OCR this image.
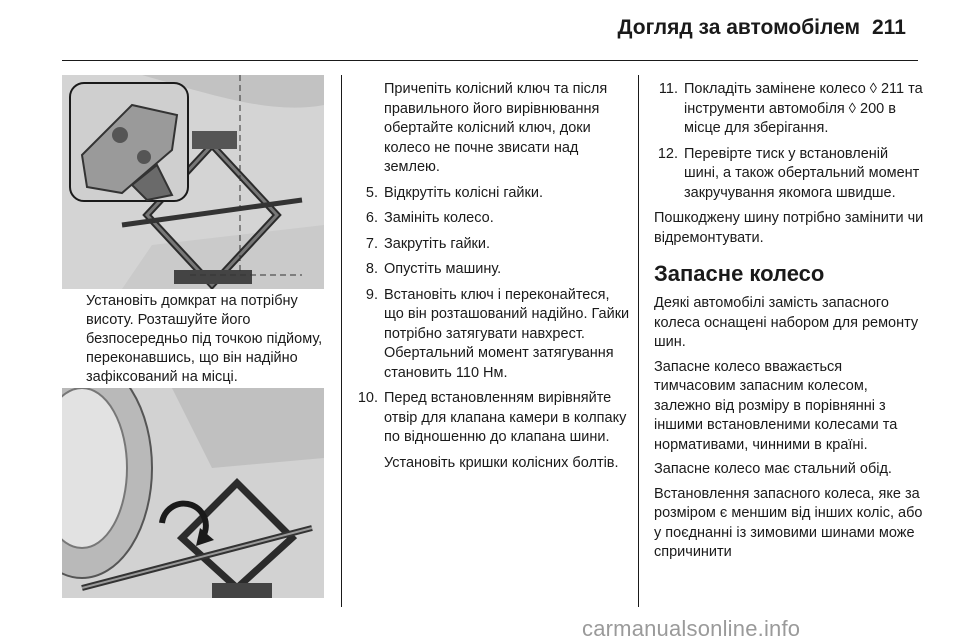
Догляд за автомобілем 211
Установіть домкрат на потрібну висоту. Розташуйте його безпосередньо під точкою підйому, переконавшись, що він надійно зафіксований на місці.
Причепіть колісний ключ та після правильного його вирівнювання обертайте колісний ключ, доки колесо не почне звисати над землею.
5. Відкрутіть колісні гайки.
6. Замініть колесо.
7. Закрутіть гайки.
8. Опустіть машину.
9. Встановіть ключ і переконайтеся, що він розташований надійно. Гайки потрібно затягувати навхрест. Обертальний момент затягування становить 110 Нм.
10. Перед встановленням вирівняйте отвір для клапана камери в колпаку по відношенню до клапана шини.
Установіть кришки колісних болтів.
11. Покладіть замінене колесо ◊ 211 та інструменти автомобіля ◊ 200 в місце для зберігання.
12. Перевірте тиск у встановленій шині, а також обертальний момент закручування якомога швидше.
Пошкоджену шину потрібно замінити чи відремонтувати.
Запасне колесо
Деякі автомобілі замість запасного колеса оснащені набором для ремонту шин.
Запасне колесо вважається тимчасовим запасним колесом, залежно від розміру в порівнянні з іншими встановленими колесами та нормативами, чинними в країні.
Запасне колесо має стальний обід.
Встановлення запасного колеса, яке за розміром є меншим від інших коліс, або у поєднанні із зимовими шинами може спричинити
carmanualsonline.info
